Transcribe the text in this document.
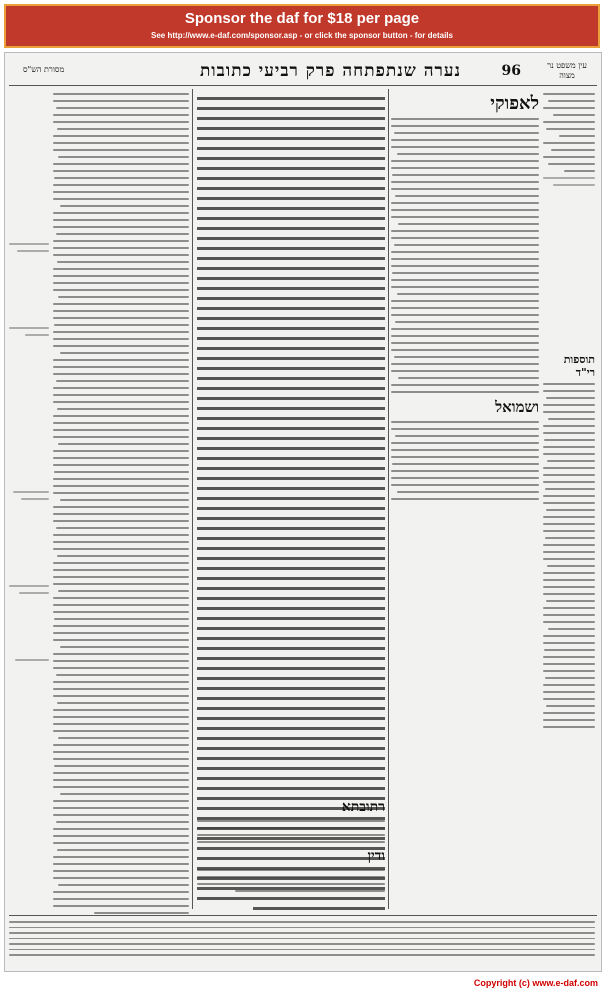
Sponsor the daf for $18 per page
See http://www.e-daf.com/sponsor.asp - or click the sponsor button - for details
עין משפט נר מצוה
96
נערה שנתפתחה פרק רביעי כתובות
מסורת הש"ס
לאפוקי
ושמואל
תוספות רי"ד
רתובתא
ודין
Copyright (c) www.e-daf.com
